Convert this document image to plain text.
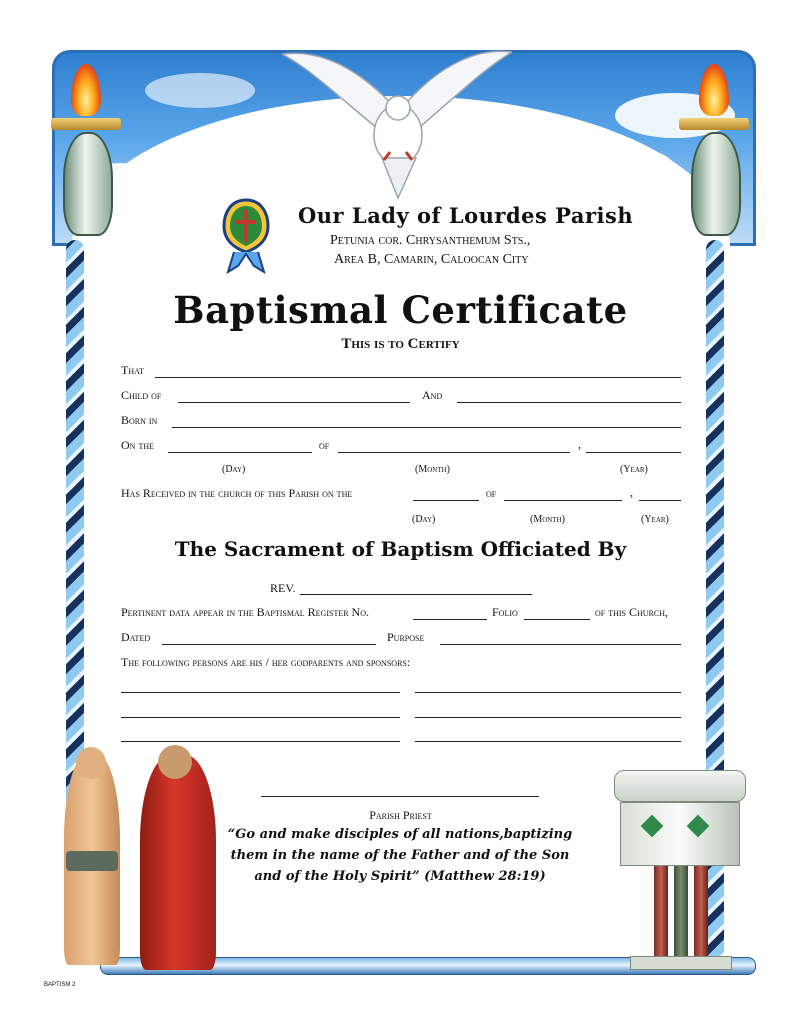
Our Lady of Lourdes Parish
Petunia cor. Chrysanthemum Sts.,
Area B, Camarin, Caloocan City
Baptismal Certificate
This is to Certify
That
Child of	And
Born in
On the	of	,
(Day)	(Month)	(Year)
Has Received in the church of this Parish on the	of	,
(Day)	(Month)	(Year)
The Sacrament of Baptism Officiated By
REV.
Pertinent data appear in the Baptismal Register No.	Folio	of this Church,
Dated	Purpose
The following persons are his / her godparents and sponsors:
Parish Priest
“Go and make disciples of all nations,baptizing
them in the name of the Father and of the Son
and of the Holy Spirit” (Matthew 28:19)
BAPTISM 2
